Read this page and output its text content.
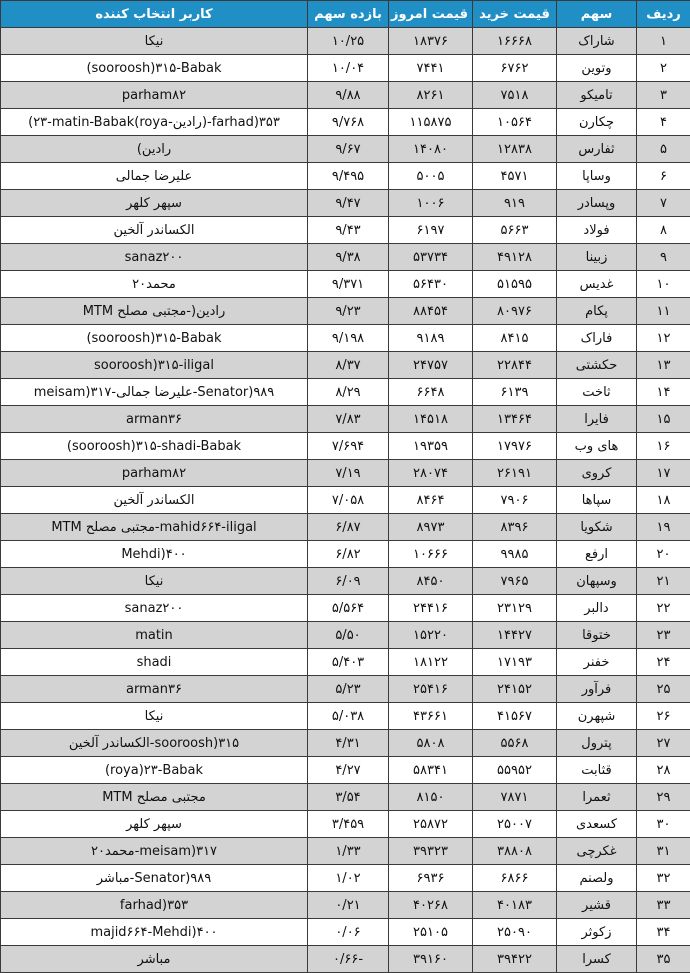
ردیف	سهم	قیمت خرید	قیمت امروز	بازده سهم	کاربر انتخاب کننده
۱	شاراک	۱۶۶۶۸	۱۸۳۷۶	۱۰/۲۵	نیکا
۲	وتوین	۶۷۶۲	۷۴۴۱	۱۰/۰۴	sooroosh)۳۱۵-Babak)
۳	تامیکو	۷۵۱۸	۸۲۶۱	۹/۸۸	parham۸۲
۴	چکارن	۱۰۵۶۴	۱۱۵۸۷۵	۹/۷۶۸	farhad)۳۵۳-(رادین-roya)۲۳-matin-Babak)
۵	ثفارس	۱۲۸۳۸	۱۴۰۸۰	۹/۶۷	رادین)
۶	وساپا	۴۵۷۱	۵۰۰۵	۹/۴۹۵	علیرضا جمالی
۷	وپسادر	۹۱۹	۱۰۰۶	۹/۴۷	سپهر کلهر
۸	فولاد	۵۶۶۳	۶۱۹۷	۹/۴۳	الکساندر آلخین
۹	زبینا	۴۹۱۲۸	۵۳۷۳۴	۹/۳۸	sanaz۲۰۰
۱۰	غدیس	۵۱۵۹۵	۵۶۴۳۰	۹/۳۷۱	محمد۲۰
۱۱	پکام	۸۰۹۷۶	۸۸۴۵۴	۹/۲۳	رادین(-مجتبی مصلح MTM
۱۲	فاراک	۸۴۱۵	۹۱۸۹	۹/۱۹۸	sooroosh)۳۱۵-Babak)
۱۳	حکشتی	۲۲۸۴۴	۲۴۷۵۷	۸/۳۷	sooroosh)۳۱۵-iligal
۱۴	ثاخت	۶۱۳۹	۶۶۴۸	۸/۲۹	Senator)۹۸۹-علیرضا جمالی-meisam)۳۱۷
۱۵	فایرا	۱۳۴۶۴	۱۴۵۱۸	۷/۸۳	arman۳۶
۱۶	های وب	۱۷۹۷۶	۱۹۳۵۹	۷/۶۹۴	sooroosh)۳۱۵-shadi-Babak)
۱۷	کروی	۲۶۱۹۱	۲۸۰۷۴	۷/۱۹	parham۸۲
۱۸	سپاها	۷۹۰۶	۸۴۶۴	۷/۰۵۸	الکساندر آلخین
۱۹	شکویا	۸۳۹۶	۸۹۷۳	۶/۸۷	mahid۶۶۴-iligal-مجتبی مصلح MTM
۲۰	ارفع	۹۹۸۵	۱۰۶۶۶	۶/۸۲	Mehdi)۴۰۰
۲۱	وسپهان	۷۹۶۵	۸۴۵۰	۶/۰۹	نیکا
۲۲	دالبر	۲۳۱۲۹	۲۴۴۱۶	۵/۵۶۴	sanaz۲۰۰
۲۳	ختوقا	۱۴۴۲۷	۱۵۲۲۰	۵/۵۰	matin
۲۴	خفنر	۱۷۱۹۳	۱۸۱۲۲	۵/۴۰۳	shadi
۲۵	فرآور	۲۴۱۵۲	۲۵۴۱۶	۵/۲۳	arman۳۶
۲۶	شپهرن	۴۱۵۶۷	۴۳۶۶۱	۵/۰۳۸	نیکا
۲۷	پترول	۵۵۶۸	۵۸۰۸	۴/۳۱	sooroosh)۳۱۵-الکساندر آلخین
۲۸	قثابت	۵۵۹۵۲	۵۸۳۴۱	۴/۲۷	roya)۲۳-Babak)
۲۹	ثعمرا	۷۸۷۱	۸۱۵۰	۳/۵۴	مجتبی مصلح MTM
۳۰	کسعدی	۲۵۰۰۷	۲۵۸۷۲	۳/۴۵۹	سپهر کلهر
۳۱	غکرچی	۳۸۸۰۸	۳۹۳۲۳	۱/۳۳	meisam)۳۱۷-محمد۲۰
۳۲	ولصنم	۶۸۶۶	۶۹۳۶	۱/۰۲	Senator)۹۸۹-مباشر
۳۳	قشیر	۴۰۱۸۳	۴۰۲۶۸	۰/۲۱	farhad)۳۵۳
۳۴	زکوثر	۲۵۰۹۰	۲۵۱۰۵	۰/۰۶	majid۶۶۴-Mehdi)۴۰۰
۳۵	کسرا	۳۹۴۲۲	۳۹۱۶۰	-۰/۶۶	مباشر
